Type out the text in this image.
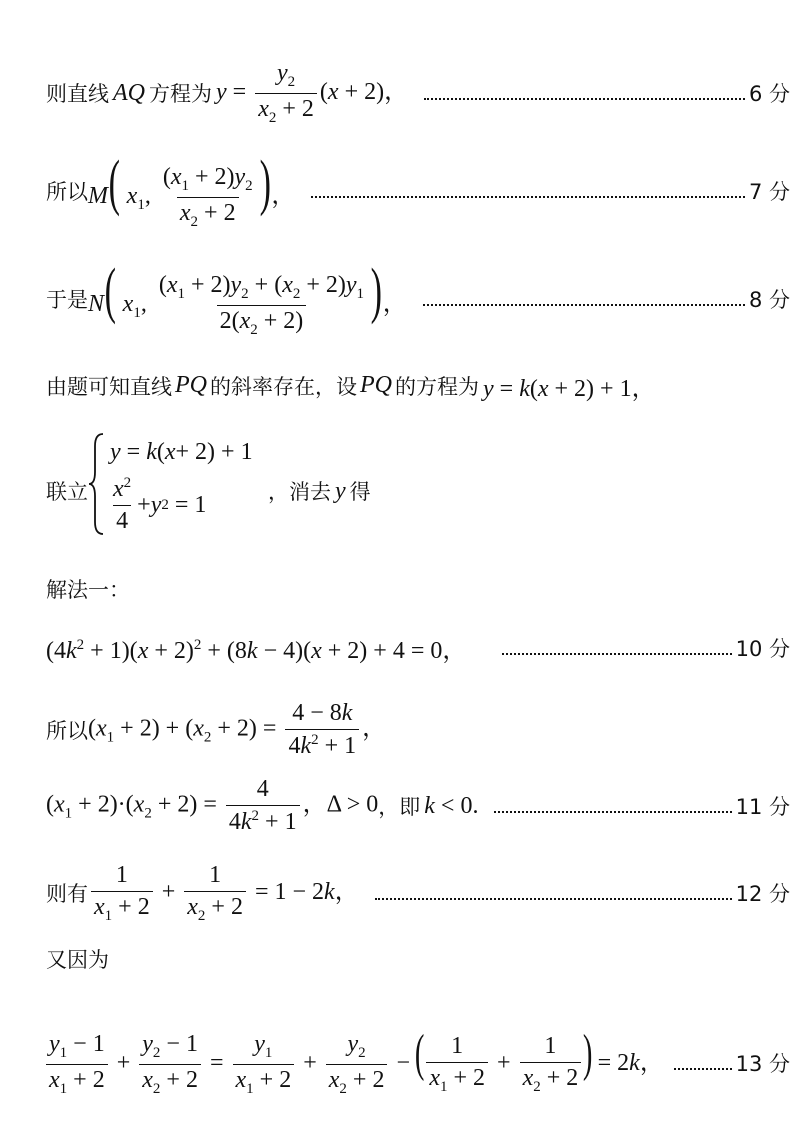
则直线 AQ 方程为 $y = \frac{y_2}{x_2 + 2} (x + 2)$，	6 分
所以 M( $x_1$, $\frac{(x_1 + 2)y_2}{x_2 + 2}$ )，	7 分
于是 N( $x_1$, $\frac{(x_1 + 2)y_2 + (x_2 + 2)y_1}{2(x_2 + 2)}$ )，	8 分
由题可知直线 PQ 的斜率存在，设 PQ 的方程为 y = k(x + 2) + 1，
联立
y = k ( x + 2) + 1
$\frac{x^2}{4} + y$ 2 = 1	，消去 y 得
解法一：
$(4k^2 + 1)(x + 2)^2 + (8k - 4)(x + 2) + 4 = 0$，	10 分
所以 $(x_1 + 2) + (x_2 + 2) = \frac{4 - 8k}{4k^2 + 1}$ ，
$(x_1 + 2)\cdot(x_2 + 2) = \frac{4}{4k^2 + 1}$ ，Δ > 0 ，即 k < 0.	11 分
则有 $\frac{1}{x_1 + 2} + \frac{1}{x_2 + 2} = 1 - 2k$，	12 分
又因为
$\frac{y_1 - 1}{x_1 + 2} + \frac{y_2 - 1}{x_2 + 2} = \frac{y_1}{x_1 + 2} + \frac{y_2}{x_2 + 2}$ − ( $\frac{1}{x_1 + 2} + \frac{1}{x_2 + 2}$ ) = 2k，	13 分
